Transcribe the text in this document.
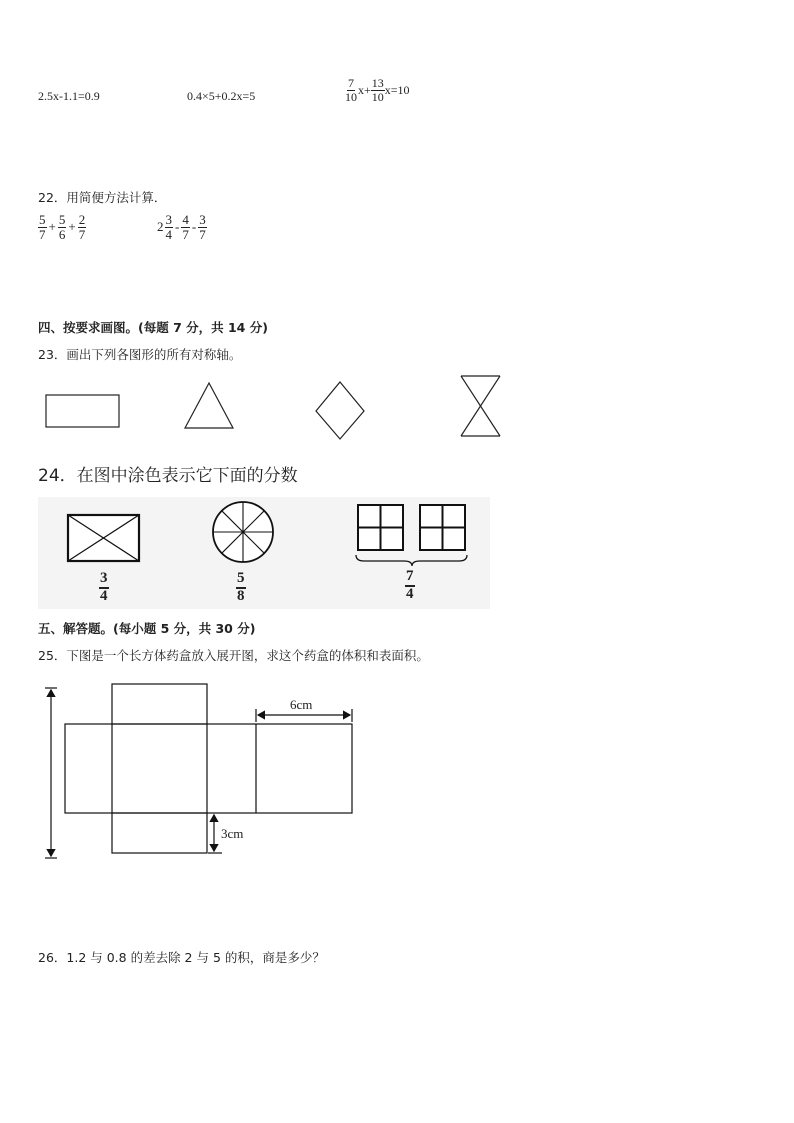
2.5x-1.1=0.9	0.4×5+0.2x=5	$\frac{7}{10} x+ \frac{13}{10} x=10$
22．用简便方法计算．
$\frac{5}{7} + \frac{5}{6} + \frac{2}{7}$	$2 \frac{3}{4} - \frac{4}{7} - \frac{3}{7}$
四、按要求画图。(每题 7 分，共 14 分)
23．画出下列各图形的所有对称轴。
24．在图中涂色表示它下面的分数
$\frac{3}{4}$	$\frac{5}{8}$	$\frac{7}{4}$
五、解答题。(每小题 5 分，共 30 分)
25．下图是一个长方体药盒放入展开图，求这个药盒的体积和表面积。
6cm
3cm
26．1.2 与 0.8 的差去除 2 与 5 的积，商是多少？
